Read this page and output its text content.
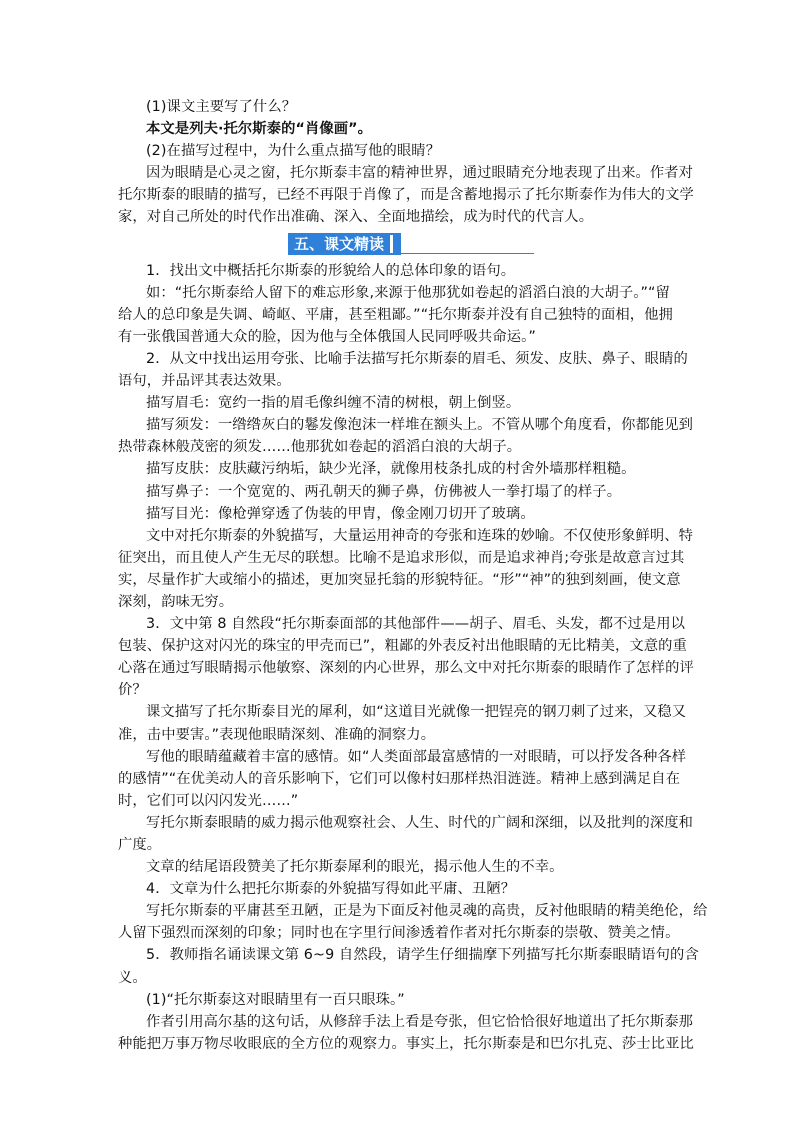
(1)课文主要写了什么？
本文是列夫·托尔斯泰的“肖像画”。
(2)在描写过程中，为什么重点描写他的眼睛？
因为眼睛是心灵之窗，托尔斯泰丰富的精神世界，通过眼睛充分地表现了出来。作者对
托尔斯泰的眼睛的描写，已经不再限于肖像了，而是含蓄地揭示了托尔斯泰作为伟大的文学
家，对自己所处的时代作出准确、深入、全面地描绘，成为时代的代言人。
五、课文精读
1．找出文中概括托尔斯泰的形貌给人的总体印象的语句。
如：“托尔斯泰给人留下的难忘形象,来源于他那犹如卷起的滔滔白浪的大胡子。”“留
给人的总印象是失调、崎岖、平庸，甚至粗鄙。”“托尔斯泰并没有自己独特的面相，他拥
有一张俄国普通大众的脸，因为他与全体俄国人民同呼吸共命运。”
2．从文中找出运用夸张、比喻手法描写托尔斯泰的眉毛、须发、皮肤、鼻子、眼睛的
语句，并品评其表达效果。
描写眉毛：宽约一指的眉毛像纠缠不清的树根，朝上倒竖。
描写须发：一绺绺灰白的鬈发像泡沫一样堆在额头上。不管从哪个角度看，你都能见到
热带森林般茂密的须发……他那犹如卷起的滔滔白浪的大胡子。
描写皮肤：皮肤藏污纳垢，缺少光泽，就像用枝条扎成的村舍外墙那样粗糙。
描写鼻子：一个宽宽的、两孔朝天的狮子鼻，仿佛被人一拳打塌了的样子。
描写目光：像枪弹穿透了伪装的甲胄，像金刚刀切开了玻璃。
文中对托尔斯泰的外貌描写，大量运用神奇的夸张和连珠的妙喻。不仅使形象鲜明、特
征突出，而且使人产生无尽的联想。比喻不是追求形似，而是追求神肖;夸张是故意言过其
实，尽量作扩大或缩小的描述，更加突显托翁的形貌特征。“形”“神”的独到刻画，使文意
深刻，韵味无穷。
3．文中第 8 自然段“托尔斯泰面部的其他部件——胡子、眉毛、头发，都不过是用以
包装、保护这对闪光的珠宝的甲壳而已”，粗鄙的外表反衬出他眼睛的无比精美，文意的重
心落在通过写眼睛揭示他敏察、深刻的内心世界，那么文中对托尔斯泰的眼睛作了怎样的评
价？
课文描写了托尔斯泰目光的犀利，如“这道目光就像一把锃亮的钢刀刺了过来，又稳又
准，击中要害。”表现他眼睛深刻、准确的洞察力。
写他的眼睛蕴藏着丰富的感情。如“人类面部最富感情的一对眼睛，可以抒发各种各样
的感情”“在优美动人的音乐影响下，它们可以像村妇那样热泪涟涟。精神上感到满足自在
时，它们可以闪闪发光……”
写托尔斯泰眼睛的威力揭示他观察社会、人生、时代的广阔和深细，以及批判的深度和
广度。
文章的结尾语段赞美了托尔斯泰犀利的眼光，揭示他人生的不幸。
4．文章为什么把托尔斯泰的外貌描写得如此平庸、丑陋？
写托尔斯泰的平庸甚至丑陋，正是为下面反衬他灵魂的高贵，反衬他眼睛的精美绝伦，给
人留下强烈而深刻的印象；同时也在字里行间渗透着作者对托尔斯泰的崇敬、赞美之情。
5．教师指名诵读课文第 6~9 自然段，请学生仔细揣摩下列描写托尔斯泰眼睛语句的含
义。
(1)“托尔斯泰这对眼睛里有一百只眼珠。”
作者引用高尔基的这句话，从修辞手法上看是夸张，但它恰恰很好地道出了托尔斯泰那
种能把万事万物尽收眼底的全方位的观察力。事实上，托尔斯泰是和巴尔扎克、莎士比亚比
